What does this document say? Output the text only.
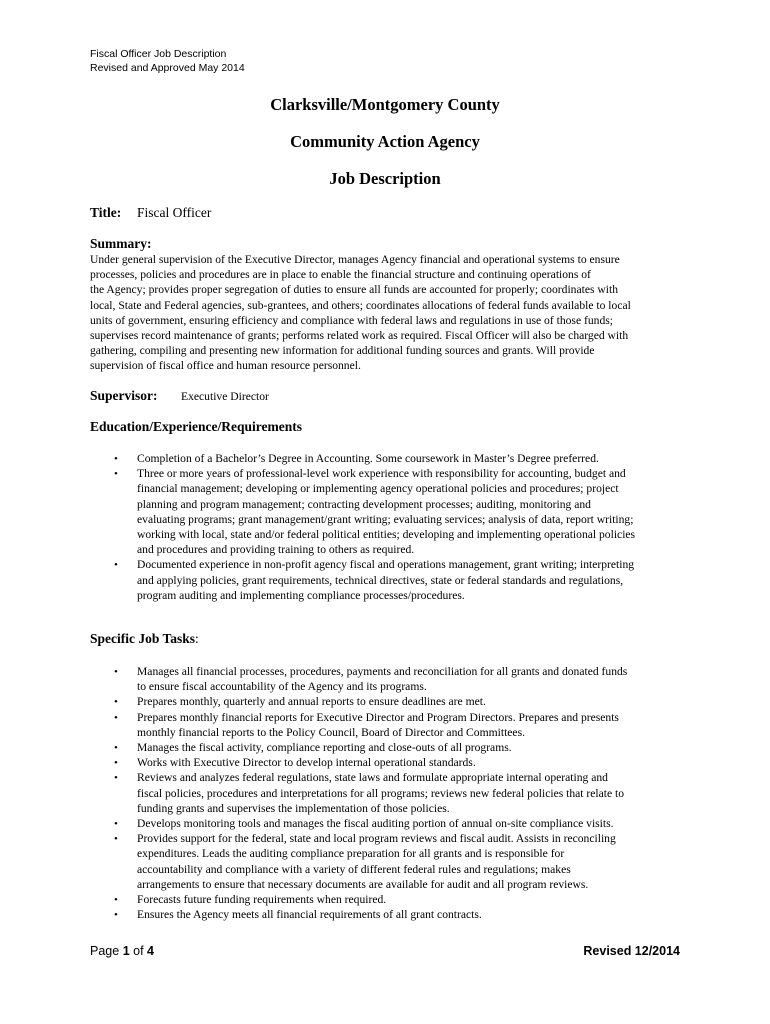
Fiscal Officer Job Description
Revised and Approved May 2014
Clarksville/Montgomery County
Community Action Agency
Job Description
Title: Fiscal Officer
Summary:
Under general supervision of the Executive Director, manages Agency financial and operational systems to ensure
processes, policies and procedures are in place to enable the financial structure and continuing operations of
the Agency; provides proper segregation of duties to ensure all funds are accounted for properly; coordinates with
local, State and Federal agencies, sub-grantees, and others; coordinates allocations of federal funds available to local
units of government, ensuring efficiency and compliance with federal laws and regulations in use of those funds;
supervises record maintenance of grants; performs related work as required. Fiscal Officer will also be charged with
gathering, compiling and presenting new information for additional funding sources and grants. Will provide
supervision of fiscal office and human resource personnel.
Supervisor: Executive Director
Education/Experience/Requirements
• Completion of a Bachelor’s Degree in Accounting. Some coursework in Master’s Degree preferred.
• Three or more years of professional-level work experience with responsibility for accounting, budget and
financial management; developing or implementing agency operational policies and procedures; project
planning and program management; contracting development processes; auditing, monitoring and
evaluating programs; grant management/grant writing; evaluating services; analysis of data, report writing;
working with local, state and/or federal political entities; developing and implementing operational policies
and procedures and providing training to others as required.
• Documented experience in non-profit agency fiscal and operations management, grant writing; interpreting
and applying policies, grant requirements, technical directives, state or federal standards and regulations,
program auditing and implementing compliance processes/procedures.
Specific Job Tasks:
• Manages all financial processes, procedures, payments and reconciliation for all grants and donated funds
to ensure fiscal accountability of the Agency and its programs.
• Prepares monthly, quarterly and annual reports to ensure deadlines are met.
• Prepares monthly financial reports for Executive Director and Program Directors. Prepares and presents
monthly financial reports to the Policy Council, Board of Director and Committees.
• Manages the fiscal activity, compliance reporting and close-outs of all programs.
• Works with Executive Director to develop internal operational standards.
• Reviews and analyzes federal regulations, state laws and formulate appropriate internal operating and
fiscal policies, procedures and interpretations for all programs; reviews new federal policies that relate to
funding grants and supervises the implementation of those policies.
• Develops monitoring tools and manages the fiscal auditing portion of annual on-site compliance visits.
• Provides support for the federal, state and local program reviews and fiscal audit. Assists in reconciling
expenditures. Leads the auditing compliance preparation for all grants and is responsible for
accountability and compliance with a variety of different federal rules and regulations; makes
arrangements to ensure that necessary documents are available for audit and all program reviews.
• Forecasts future funding requirements when required.
• Ensures the Agency meets all financial requirements of all grant contracts.
Page 1 of 4	Revised 12/2014
